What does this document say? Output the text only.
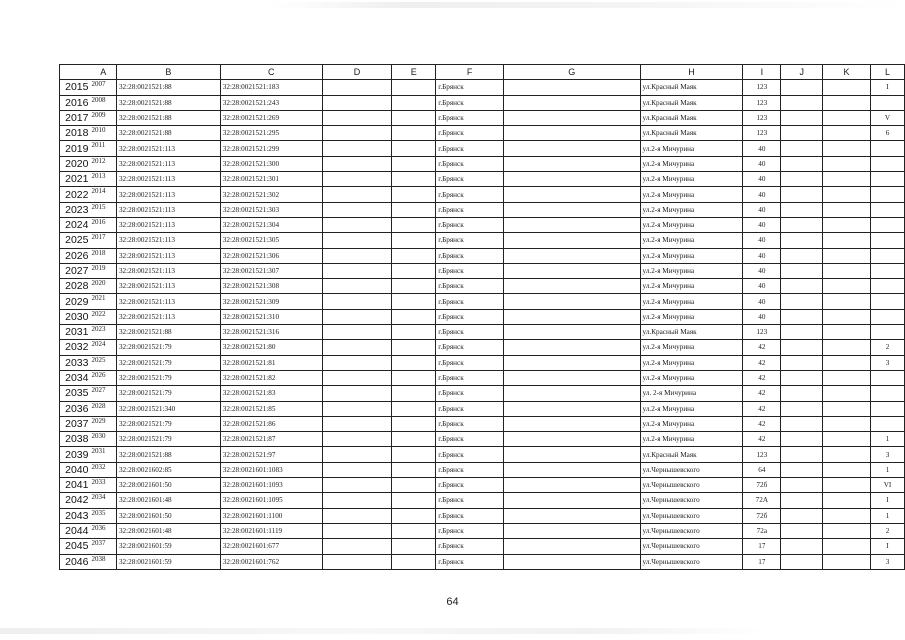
	A	B	C	D	E	F	G	H	I	J	K	L
2015	2007	32:28:0021521:88	32:28:0021521:183			г.Брянск		ул.Красный Маяк	123			I
2016	2008	32:28:0021521:88	32:28:0021521:243			г.Брянск		ул.Красный Маяк	123			
2017	2009	32:28:0021521:88	32:28:0021521:269			г.Брянск		ул.Красный Маяк	123			V
2018	2010	32:28:0021521:88	32:28:0021521:295			г.Брянск		ул.Красный Маяк	123			6
2019	2011	32:28:0021521:113	32:28:0021521:299			г.Брянск		ул.2-я Мичурина	40			
2020	2012	32:28:0021521:113	32:28:0021521:300			г.Брянск		ул.2-я Мичурина	40			
2021	2013	32:28:0021521:113	32:28:0021521:301			г.Брянск		ул.2-я Мичурина	40			
2022	2014	32:28:0021521:113	32:28:0021521:302			г.Брянск		ул.2-я Мичурина	40			
2023	2015	32:28:0021521:113	32:28:0021521:303			г.Брянск		ул.2-я Мичурина	40			
2024	2016	32:28:0021521:113	32:28:0021521:304			г.Брянск		ул.2-я Мичурина	40			
2025	2017	32:28:0021521:113	32:28:0021521:305			г.Брянск		ул.2-я Мичурина	40			
2026	2018	32:28:0021521:113	32:28:0021521:306			г.Брянск		ул.2-я Мичурина	40			
2027	2019	32:28:0021521:113	32:28:0021521:307			г.Брянск		ул.2-я Мичурина	40			
2028	2020	32:28:0021521:113	32:28:0021521:308			г.Брянск		ул.2-я Мичурина	40			
2029	2021	32:28:0021521:113	32:28:0021521:309			г.Брянск		ул.2-я Мичурина	40			
2030	2022	32:28:0021521:113	32:28:0021521:310			г.Брянск		ул.2-я Мичурина	40			
2031	2023	32:28:0021521:88	32:28:0021521:316			г.Брянск		ул.Красный Маяк	123			
2032	2024	32:28:0021521:79	32:28:0021521:80			г.Брянск		ул.2-я Мичурина	42			2
2033	2025	32:28:0021521:79	32:28:0021521:81			г.Брянск		ул.2-я Мичурина	42			3
2034	2026	32:28:0021521:79	32:28:0021521:82			г.Брянск		ул.2-я Мичурина	42			
2035	2027	32:28:0021521:79	32:28:0021521:83			г.Брянск		ул. 2-я Мичурина	42			
2036	2028	32:28:0021521:340	32:28:0021521:85			г.Брянск		ул.2-я Мичурина	42			
2037	2029	32:28:0021521:79	32:28:0021521:86			г.Брянск		ул.2-я Мичурина	42			
2038	2030	32:28:0021521:79	32:28:0021521:87			г.Брянск		ул.2-я Мичурина	42			1
2039	2031	32:28:0021521:88	32:28:0021521:97			г.Брянск		ул.Красный Маяк	123			3
2040	2032	32:28:0021602:85	32:28:0021601:1083			г.Брянск		ул.Чернышевского	64			1
2041	2033	32:28:0021601:50	32:28:0021601:1093			г.Брянск		ул.Чернышевского	72б			VI
2042	2034	32:28:0021601:48	32:28:0021601:1095			г.Брянск		ул.Чернышевского	72А			I
2043	2035	32:28:0021601:50	32:28:0021601:1100			г.Брянск		ул.Чернышевского	72б			1
2044	2036	32:28:0021601:48	32:28:0021601:1119			г.Брянск		ул.Чернышевского	72а			2
2045	2037	32:28:0021601:59	32:28:0021601:677			г.Брянск		ул.Чернышевского	17			I
2046	2038	32:28:0021601:59	32:28:0021601:762			г.Брянск		ул.Чернышевского	17			3
64
